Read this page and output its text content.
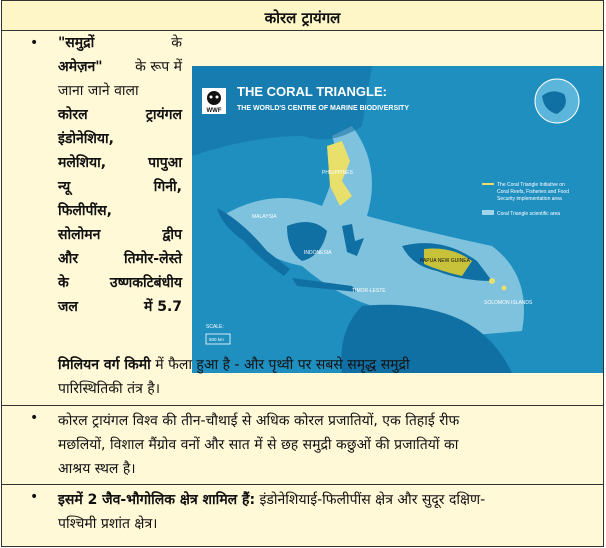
कोरल ट्रायंगल
• "समुद्रों	के
अमेज़न" के रूप में
जाना जाने वाला
कोरल	ट्रायंगल
इंडोनेशिया,
मलेशिया,	पापुआ
न्यू	गिनी,
फिलीपींस,
सोलोमन	द्वीप
और	तिमोर-लेस्ते
के	उष्णकटिबंधीय
जल	में 5.7
WWF
THE CORAL TRIANGLE:
THE WORLD'S CENTRE OF MARINE BIODIVERSITY
The Coral Triangle Initiative on
Coral Reefs, Fisheries and Food
Security implementation area
Coral Triangle scientific area
PHILIPPINES
MALAYSIA
INDONESIA
TIMOR-LESTE
PAPUA NEW GUINEA
SOLOMON ISLANDS
SCALE:
500 km
मिलियन वर्ग किमी में फैला हुआ है - और पृथ्वी पर सबसे समृद्ध समुद्री
पारिस्थितिकी तंत्र है।
• कोरल ट्रायंगल विश्व की तीन-चौथाई से अधिक कोरल प्रजातियों, एक तिहाई रीफ
मछलियों, विशाल मैंग्रोव वनों और सात में से छह समुद्री कछुओं की प्रजातियों का
आश्रय स्थल है।
• इसमें 2 जैव-भौगोलिक क्षेत्र शामिल हैं: इंडोनेशियाई-फिलीपींस क्षेत्र और सुदूर दक्षिण-
पश्चिमी प्रशांत क्षेत्र।
